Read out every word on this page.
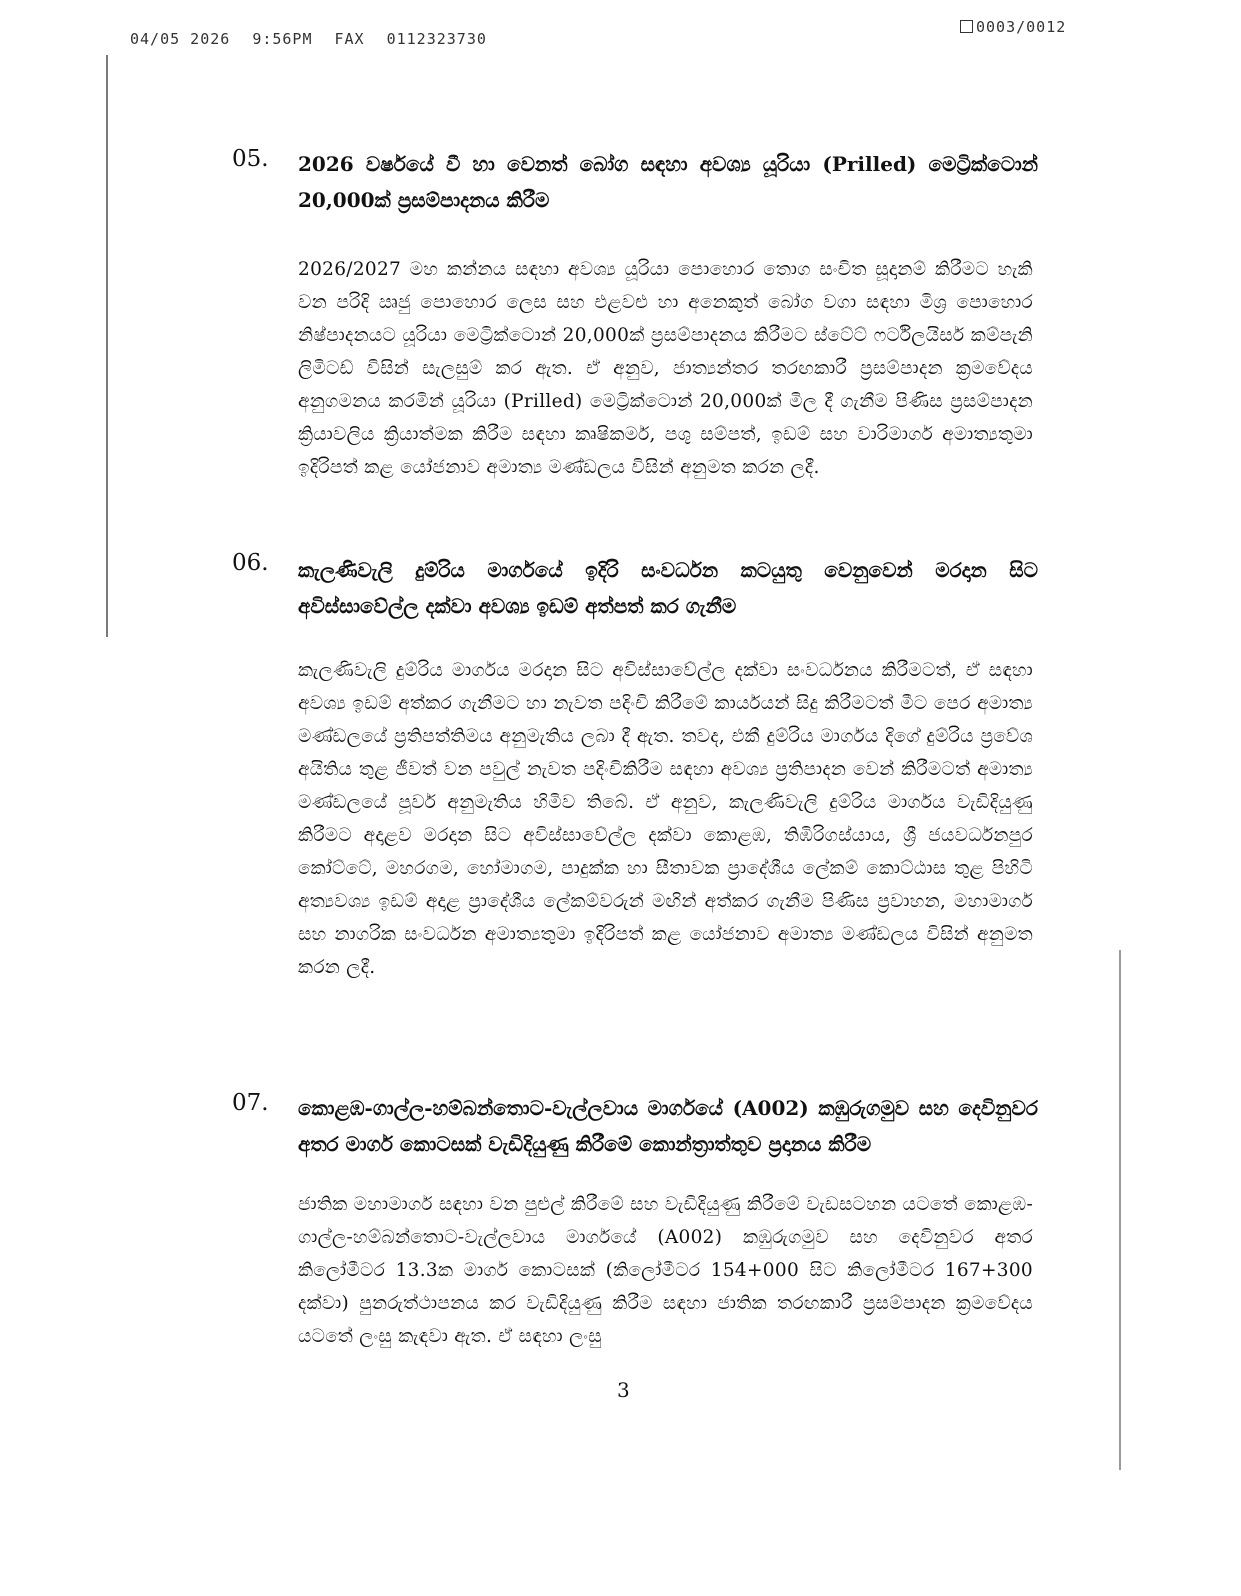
04/05 2026 9:56PM FAX 0112323730
0003/0012
05. 2026 වර්ෂයේ වී හා වෙනත් බෝග සඳහා අවශ්‍ය යූරියා (Prilled) මෙට්‍රික්ටොන් 20,000ක් ප්‍රසම්පාදනය කිරීම
2026/2027 මහ කන්නය සඳහා අවශ්‍ය යූරියා පොහොර තොග සංචිත සූදානම් කිරීමට හැකි වන පරිදි ඍජු පොහොර ලෙස සහ එළවළු හා අනෙකුත් බෝග වගා සඳහා මිශ්‍ර පොහොර නිෂ්පාදනයට යූරියා මෙට්‍රික්ටොන් 20,000ක් ප්‍රසම්පාදනය කිරීමට ස්ටේට් ෆර්ටිලයිසර් කම්පැනි ලිමිටඩ් විසින් සැලසුම් කර ඇත. ඒ අනුව, ජාත්‍යන්තර තරඟකාරී ප්‍රසම්පාදන ක්‍රමවේදය අනුගමනය කරමින් යූරියා (Prilled) මෙට්‍රික්ටොන් 20,000ක් මිල දී ගැනීම පිණිස ප්‍රසම්පාදන ක්‍රියාවලිය ක්‍රියාත්මක කිරීම සඳහා කෘෂිකර්ම, පශු සම්පත්, ඉඩම් සහ වාරිමාර්ග අමාත්‍යතුමා ඉදිරිපත් කළ යෝජනාව අමාත්‍ය මණ්ඩලය විසින් අනුමත කරන ලදී.
06. කැලණිවැලි දුම්රිය මාර්ගයේ ඉදිරි සංවර්ධන කටයුතු වෙනුවෙන් මරදාන සිට අවිස්සාවේල්ල දක්වා අවශ්‍ය ඉඩම් අත්පත් කර ගැනීම
කැලණිවැලි දුම්රිය මාර්ගය මරදාන සිට අවිස්සාවේල්ල දක්වා සංවර්ධනය කිරීමටත්, ඒ සඳහා අවශ්‍ය ඉඩම් අත්කර ගැනීමට හා නැවත පදිංචි කිරීමේ කාර්යයන් සිදු කිරීමටත් මීට පෙර අමාත්‍ය මණ්ඩලයේ ප්‍රතිපත්තිමය අනුමැතිය ලබා දී ඇත. තවද, එකී දුම්රිය මාර්ගය දිගේ දුම්රිය ප්‍රවේශ අයිතිය තුළ ජීවත් වන පවුල් නැවත පදිංචිකිරීම සඳහා අවශ්‍ය ප්‍රතිපාදන වෙන් කිරීමටත් අමාත්‍ය මණ්ඩලයේ පූර්ව අනුමැතිය හිමිව තිබේ. ඒ අනුව, කැලණිවැලි දුම්රිය මාර්ගය වැඩිදියුණු කිරීමට අදාළව මරදාන සිට අවිස්සාවේල්ල දක්වා කොළඹ, තිඹිරිගස්යාය, ශ්‍රී ජයවර්ධනපුර කෝට්ටේ, මහරගම, හෝමාගම, පාදුක්ක හා සීතාවක ප්‍රාදේශීය ලේකම් කොට්ඨාස තුළ පිහිටි අත්‍යවශ්‍ය ඉඩම් අදාළ ප්‍රාදේශීය ලේකම්වරුන් මඟින් අත්කර ගැනීම පිණිස ප්‍රවාහන, මහාමාර්ග සහ නාගරික සංවර්ධන අමාත්‍යතුමා ඉදිරිපත් කළ යෝජනාව අමාත්‍ය මණ්ඩලය විසින් අනුමත කරන ලදී.
07. කොළඹ-ගාල්ල-හම්බන්තොට-වැල්ලවාය මාර්ගයේ (A002) කඹුරුගමුව සහ දෙවිනුවර අතර මාර්ග කොටසක් වැඩිදියුණු කිරීමේ කොන්ත්‍රාත්තුව ප්‍රදානය කිරීම
ජාතික මහාමාර්ග සඳහා වන පුළුල් කිරීමේ සහ වැඩිදියුණු කිරීමේ වැඩසටහන යටතේ කොළඹ-ගාල්ල-හම්බන්තොට-වැල්ලවාය මාර්ගයේ (A002) කඹුරුගමුව සහ දෙවිනුවර අතර කිලෝමීටර 13.3ක මාර්ග කොටසක් (කිලෝමීටර 154+000 සිට කිලෝමීටර 167+300 දක්වා) පුනරුත්ථාපනය කර වැඩිදියුණු කිරීම සඳහා ජාතික තරඟකාරී ප්‍රසම්පාදන ක්‍රමවේදය යටතේ ලංසු කැඳවා ඇත. ඒ සඳහා ලංසු
3
